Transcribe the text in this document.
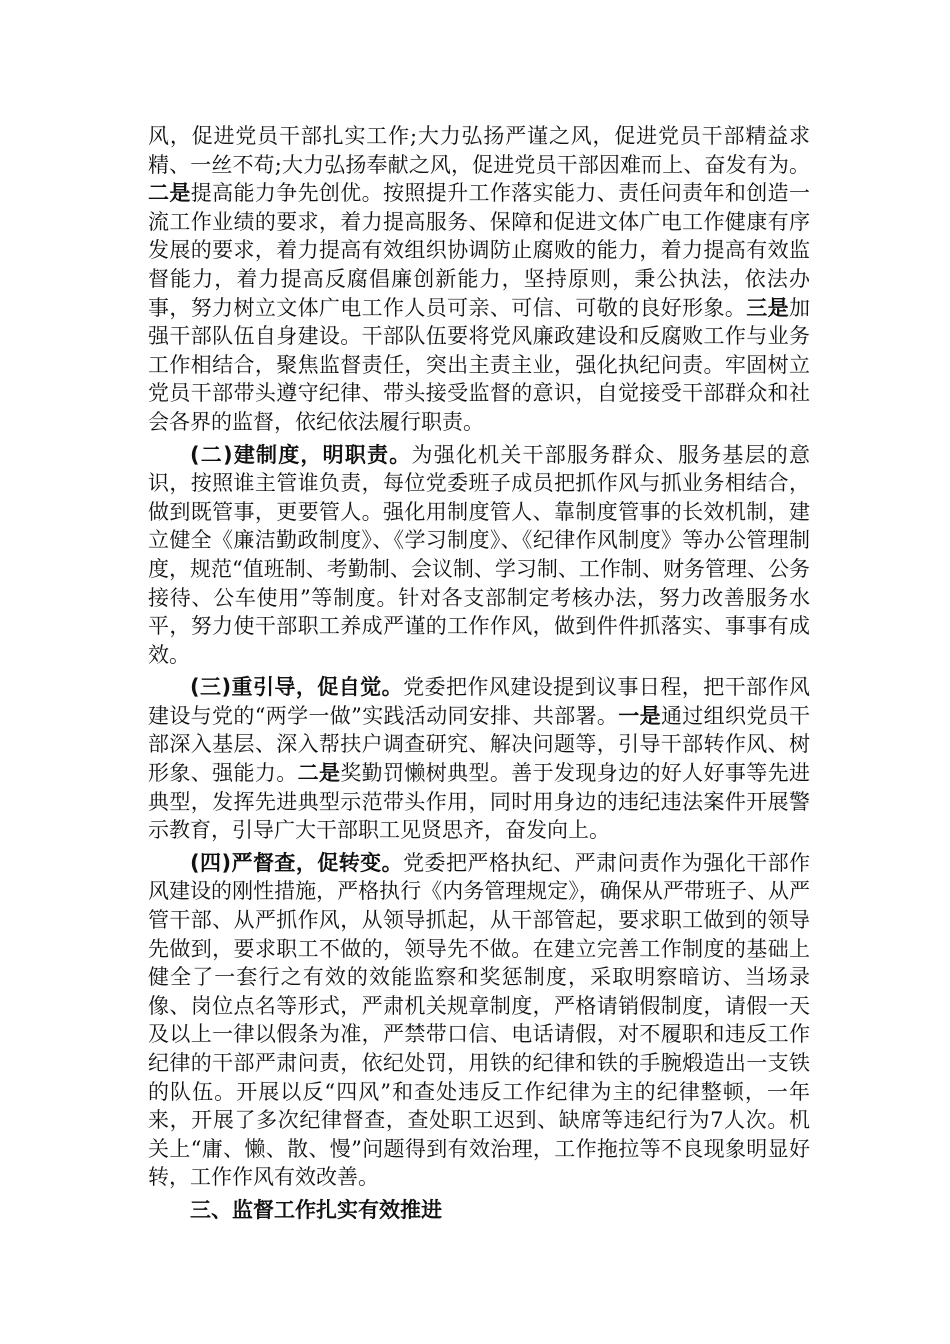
风，促进党员干部扎实工作;大力弘扬严谨之风，促进党员干部精益求精、一丝不苟;大力弘扬奉献之风，促进党员干部因难而上、奋发有为。二是提高能力争先创优。按照提升工作落实能力、责任问责年和创造一流工作业绩的要求，着力提高服务、保障和促进文体广电工作健康有序发展的要求，着力提高有效组织协调防止腐败的能力，着力提高有效监督能力，着力提高反腐倡廉创新能力，坚持原则，秉公执法，依法办事，努力树立文体广电工作人员可亲、可信、可敬的良好形象。三是加强干部队伍自身建设。干部队伍要将党风廉政建设和反腐败工作与业务工作相结合，聚焦监督责任，突出主责主业，强化执纪问责。牢固树立党员干部带头遵守纪律、带头接受监督的意识，自觉接受干部群众和社会各界的监督，依纪依法履行职责。

(二)建制度，明职责。为强化机关干部服务群众、服务基层的意识，按照谁主管谁负责，每位党委班子成员把抓作风与抓业务相结合，做到既管事，更要管人。强化用制度管人、靠制度管事的长效机制，建立健全《廉洁勤政制度》、《学习制度》、《纪律作风制度》等办公管理制度，规范“值班制、考勤制、会议制、学习制、工作制、财务管理、公务接待、公车使用”等制度。针对各支部制定考核办法，努力改善服务水平，努力使干部职工养成严谨的工作作风，做到件件抓落实、事事有成效。

(三)重引导，促自觉。党委把作风建设提到议事日程，把干部作风建设与党的“两学一做”实践活动同安排、共部署。一是通过组织党员干部深入基层、深入帮扶户调查研究、解决问题等，引导干部转作风、树形象、强能力。二是奖勤罚懒树典型。善于发现身边的好人好事等先进典型，发挥先进典型示范带头作用，同时用身边的违纪违法案件开展警示教育，引导广大干部职工见贤思齐，奋发向上。

(四)严督查，促转变。党委把严格执纪、严肃问责作为强化干部作风建设的刚性措施，严格执行《内务管理规定》，确保从严带班子、从严管干部、从严抓作风，从领导抓起，从干部管起，要求职工做到的领导先做到，要求职工不做的，领导先不做。在建立完善工作制度的基础上健全了一套行之有效的效能监察和奖惩制度，采取明察暗访、当场录像、岗位点名等形式，严肃机关规章制度，严格请销假制度，请假一天及以上一律以假条为准，严禁带口信、电话请假，对不履职和违反工作纪律的干部严肃问责，依纪处罚，用铁的纪律和铁的手腕煅造出一支铁的队伍。开展以反“四风”和查处违反工作纪律为主的纪律整顿，一年来，开展了多次纪律督查，查处职工迟到、缺席等违纪行为7人次。机关上“庸、懒、散、慢”问题得到有效治理，工作拖拉等不良现象明显好转，工作作风有效改善。

三、监督工作扎实有效推进
